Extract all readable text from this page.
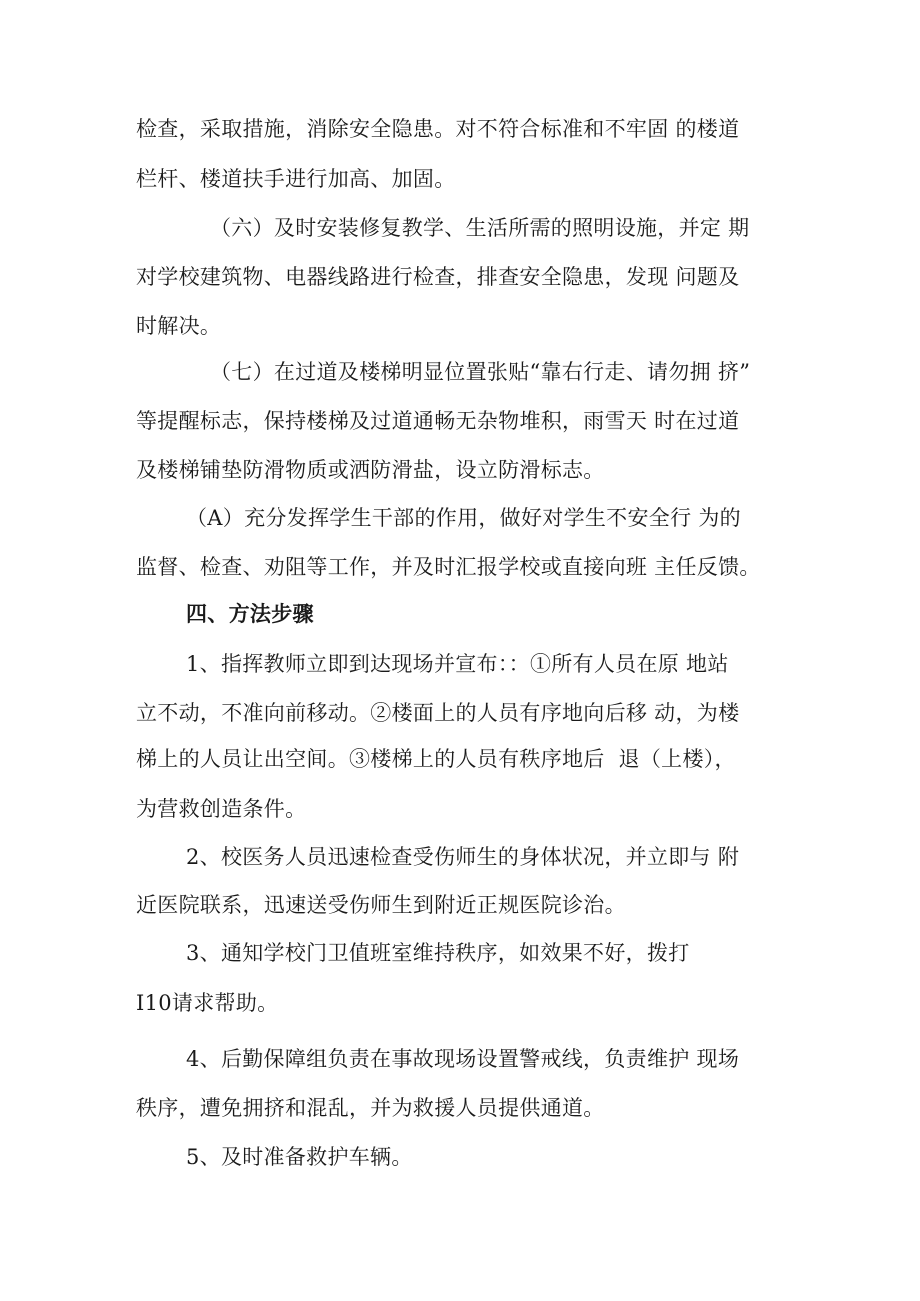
检查，采取措施，消除安全隐患。对不符合标准和不牢固 的楼道
栏杆、楼道扶手进行加高、加固。
（六）及时安装修复教学、生活所需的照明设施，并定 期
对学校建筑物、电器线路进行检查，排查安全隐患，发现 问题及
时解决。
（七）在过道及楼梯明显位置张贴“靠右行走、请勿拥 挤”
等提醒标志，保持楼梯及过道通畅无杂物堆积，雨雪天 时在过道
及楼梯铺垫防滑物质或洒防滑盐，设立防滑标志。
（A）充分发挥学生干部的作用，做好对学生不安全行 为的
监督、检查、劝阻等工作，并及时汇报学校或直接向班 主任反馈。
四、方法步骤
1、指挥教师立即到达现场并宣布：：①所有人员在原 地站
立不动，不准向前移动。②楼面上的人员有序地向后移 动，为楼
梯上的人员让出空间。③楼梯上的人员有秩序地后  退（上楼），
为营救创造条件。
2、校医务人员迅速检查受伤师生的身体状况，并立即与 附
近医院联系，迅速送受伤师生到附近正规医院诊治。
3、通知学校门卫值班室维持秩序，如效果不好，拨打
I10请求帮助。
4、后勤保障组负责在事故现场设置警戒线，负责维护 现场
秩序，遭免拥挤和混乱，并为救援人员提供通道。
5、及时准备救护车辆。
